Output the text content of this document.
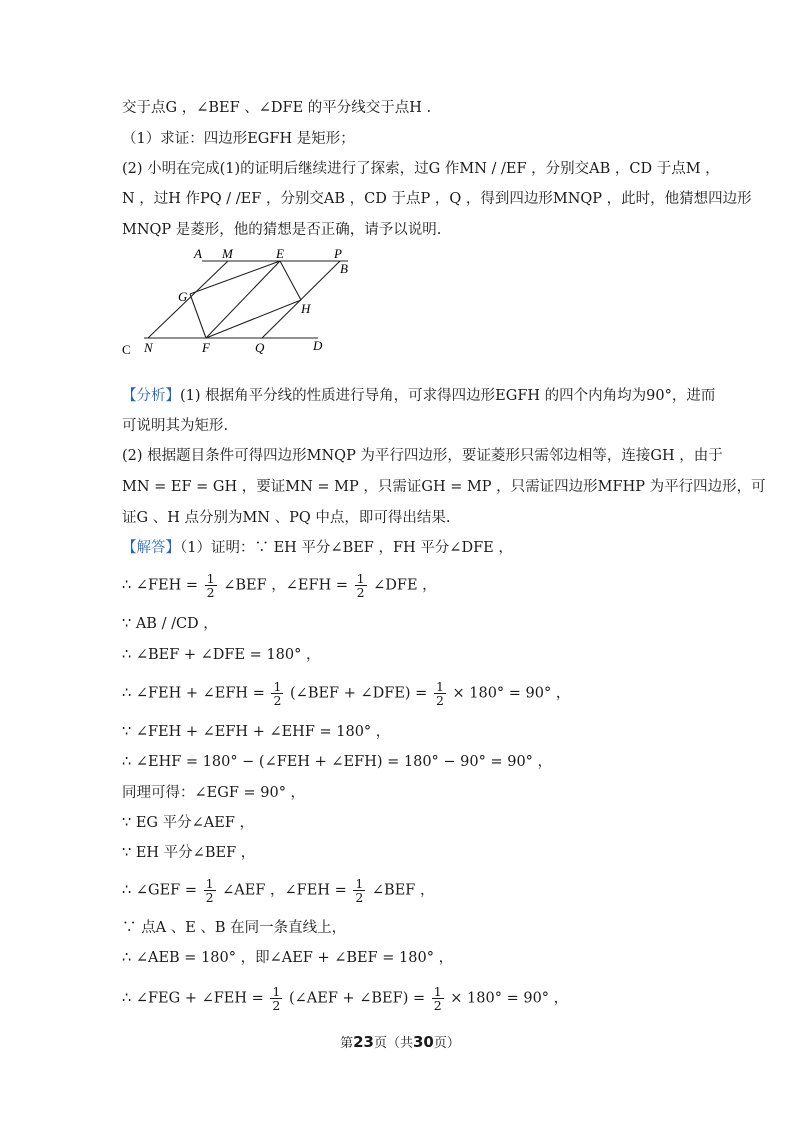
交于点G ，∠BEF 、∠DFE 的平分线交于点H .
（1）求证：四边形EGFH 是矩形；
(2) 小明在完成(1)的证明后继续进行了探索，过G 作MN / /EF ，分别交AB ，CD 于点M ，
N ，过H 作PQ / /EF ，分别交AB ，CD 于点P ，Q ，得到四边形MNQP ，此时，他猜想四边形
MNQP 是菱形，他的猜想是否正确，请予以说明.
A M	E	P
B
G
H
C N	F	Q	D
【分析】(1) 根据角平分线的性质进行导角，可求得四边形EGFH 的四个内角均为90°，进而
可说明其为矩形.
(2) 根据题目条件可得四边形MNQP 为平行四边形，要证菱形只需邻边相等，连接GH ，由于
MN = EF = GH ，要证MN = MP ，只需证GH = MP ，只需证四边形MFHP 为平行四边形，可
证G 、H 点分别为MN 、PQ 中点，即可得出结果.
【解答】（1）证明：∵ EH 平分∠BEF ，FH 平分∠DFE ，
∴ ∠FEH = $\frac{1}{2}$ ∠BEF ，∠EFH = $\frac{1}{2}$ ∠DFE ，
∵ AB / /CD ，
∴ ∠BEF + ∠DFE = 180° ，
∴ ∠FEH + ∠EFH = $\frac{1}{2}$ (∠BEF + ∠DFE) = $\frac{1}{2} \times 180^\circ = 90^\circ$ ，
∵ ∠FEH + ∠EFH + ∠EHF = 180° ，
∴ ∠EHF = 180° − (∠FEH + ∠EFH) = 180° − 90° = 90° ，
同理可得：∠EGF = 90° ，
∵ EG 平分∠AEF ，
∵ EH 平分∠BEF ，
∴ ∠GEF = $\frac{1}{2}$ ∠AEF ，∠FEH = $\frac{1}{2}$ ∠BEF ，
∵ 点A 、E 、B 在同一条直线上，
∴ ∠AEB = 180° ，即∠AEF + ∠BEF = 180° ，
∴ ∠FEG + ∠FEH = $\frac{1}{2}$ (∠AEF + ∠BEF) = $\frac{1}{2} \times 180^\circ = 90^\circ$ ，
第23页（共30页）
